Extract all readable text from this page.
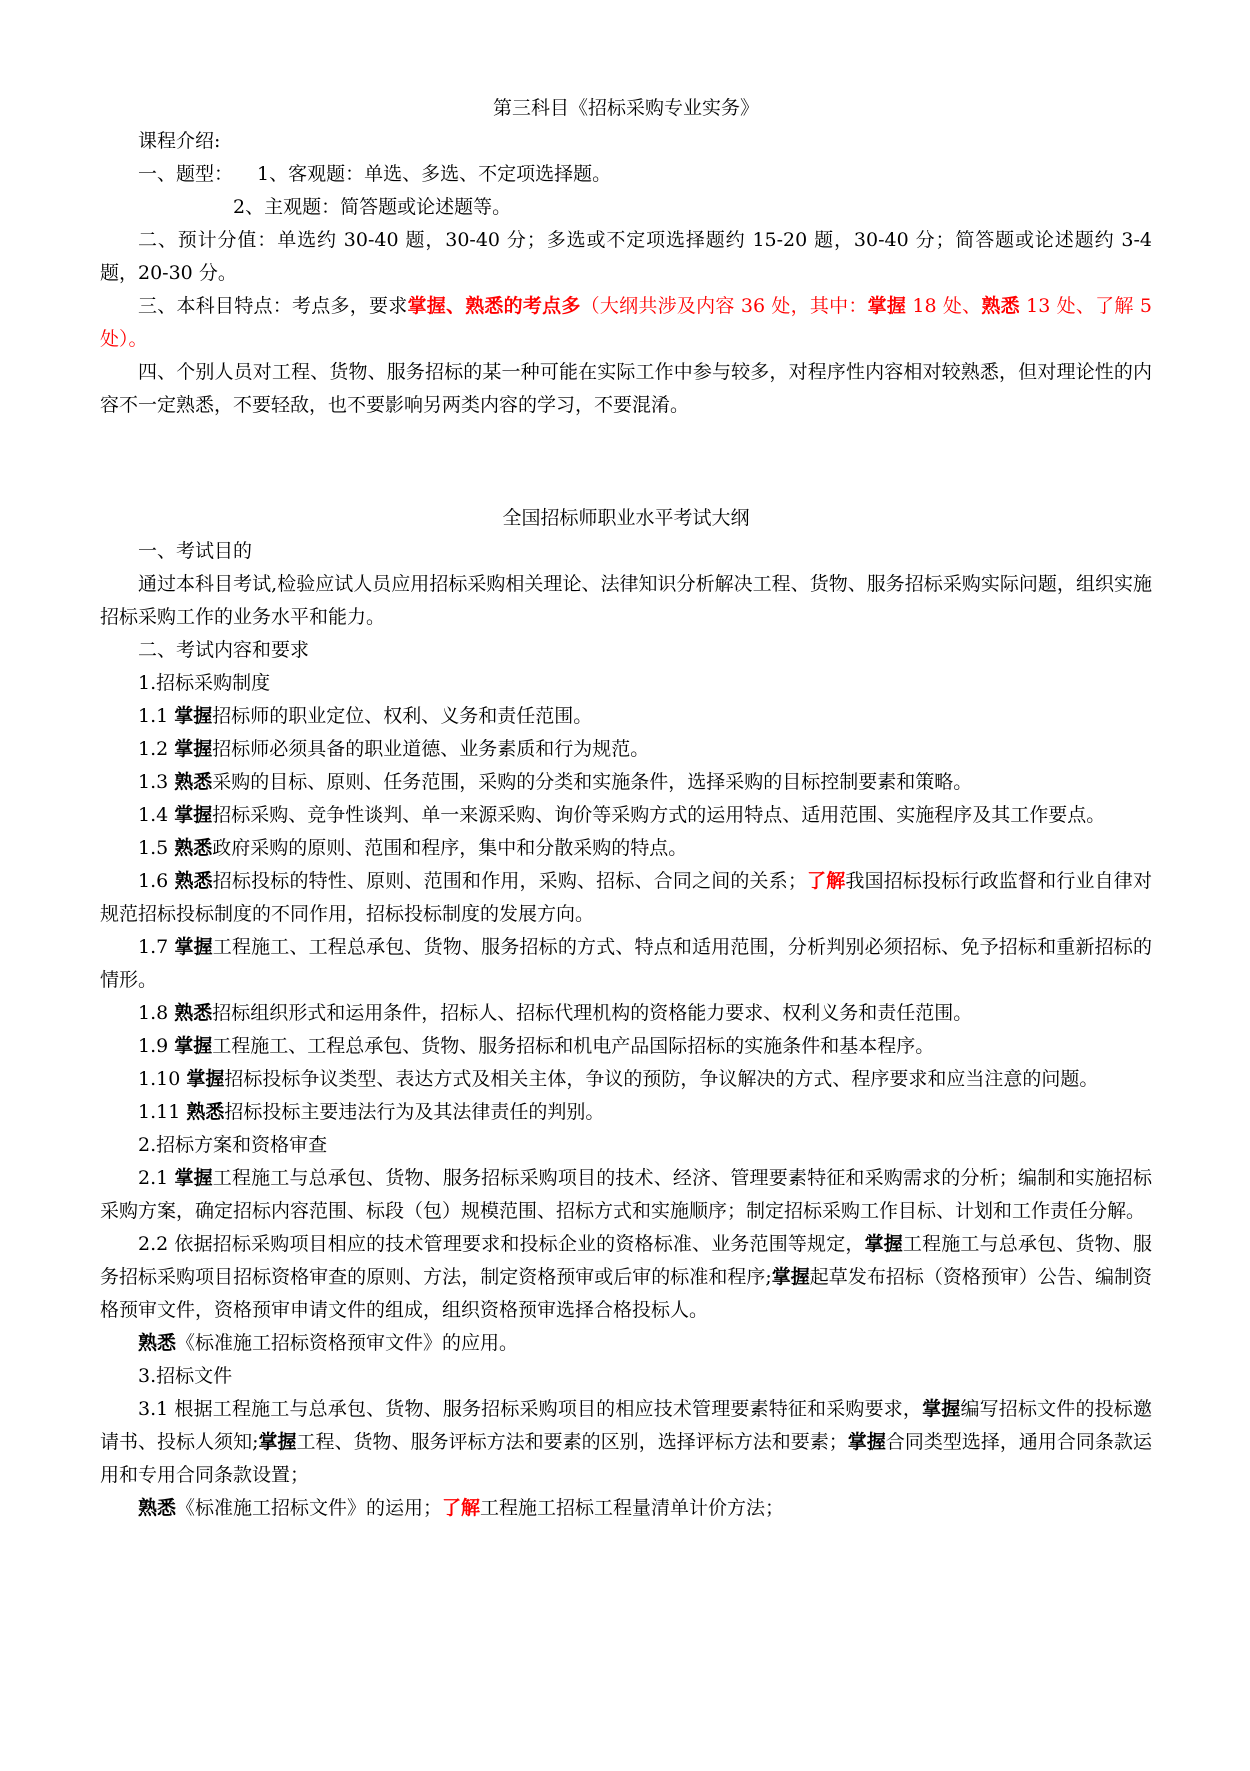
第三科目《招标采购专业实务》

课程介绍:

一、题型： 1、客观题：单选、多选、不定项选择题。

2、主观题：简答题或论述题等。

二、预计分值：单选约 30-40 题，30-40 分；多选或不定项选择题约 15-20 题，30-40 分；简答题或论述题约 3-4 题，20-30 分。

三、本科目特点：考点多，要求掌握、熟悉的考点多（大纲共涉及内容 36 处，其中：掌握 18 处、熟悉 13 处、了解 5 处）。

四、个别人员对工程、货物、服务招标的某一种可能在实际工作中参与较多，对程序性内容相对较熟悉，但对理论性的内容不一定熟悉，不要轻敌，也不要影响另两类内容的学习，不要混淆。

全国招标师职业水平考试大纲

一、考试目的

通过本科目考试,检验应试人员应用招标采购相关理论、法律知识分析解决工程、货物、服务招标采购实际问题，组织实施招标采购工作的业务水平和能力。

二、考试内容和要求

1.招标采购制度

1.1 掌握招标师的职业定位、权利、义务和责任范围。

1.2 掌握招标师必须具备的职业道德、业务素质和行为规范。

1.3 熟悉采购的目标、原则、任务范围，采购的分类和实施条件，选择采购的目标控制要素和策略。

1.4 掌握招标采购、竞争性谈判、单一来源采购、询价等采购方式的运用特点、适用范围、实施程序及其工作要点。

1.5 熟悉政府采购的原则、范围和程序，集中和分散采购的特点。

1.6 熟悉招标投标的特性、原则、范围和作用，采购、招标、合同之间的关系；了解我国招标投标行政监督和行业自律对规范招标投标制度的不同作用，招标投标制度的发展方向。

1.7 掌握工程施工、工程总承包、货物、服务招标的方式、特点和适用范围，分析判别必须招标、免予招标和重新招标的情形。

1.8 熟悉招标组织形式和运用条件，招标人、招标代理机构的资格能力要求、权利义务和责任范围。

1.9 掌握工程施工、工程总承包、货物、服务招标和机电产品国际招标的实施条件和基本程序。

1.10 掌握招标投标争议类型、表达方式及相关主体，争议的预防，争议解决的方式、程序要求和应当注意的问题。

1.11 熟悉招标投标主要违法行为及其法律责任的判别。

2.招标方案和资格审查

2.1 掌握工程施工与总承包、货物、服务招标采购项目的技术、经济、管理要素特征和采购需求的分析；编制和实施招标采购方案，确定招标内容范围、标段（包）规模范围、招标方式和实施顺序；制定招标采购工作目标、计划和工作责任分解。

2.2 依据招标采购项目相应的技术管理要求和投标企业的资格标准、业务范围等规定，掌握工程施工与总承包、货物、服务招标采购项目招标资格审查的原则、方法，制定资格预审或后审的标准和程序;掌握起草发布招标（资格预审）公告、编制资格预审文件，资格预审申请文件的组成，组织资格预审选择合格投标人。

熟悉《标准施工招标资格预审文件》的应用。

3.招标文件

3.1 根据工程施工与总承包、货物、服务招标采购项目的相应技术管理要素特征和采购要求，掌握编写招标文件的投标邀请书、投标人须知;掌握工程、货物、服务评标方法和要素的区别，选择评标方法和要素；掌握合同类型选择，通用合同条款运用和专用合同条款设置；

熟悉《标准施工招标文件》的运用；了解工程施工招标工程量清单计价方法；
